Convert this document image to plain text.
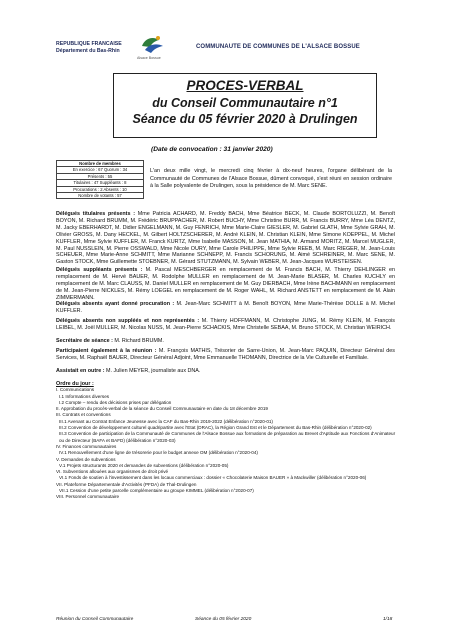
REPUBLIQUE FRANCAISE
Département du Bas-Rhin
Alsace Bossue
COMMUNAUTE DE COMMUNES DE L'ALSACE BOSSUE
PROCES-VERBAL
du Conseil Communautaire n°1
Séance du 05 février 2020 à Drulingen
(Date de convocation : 31 janvier 2020)
Nombre de membres
En exercice : 67 Quorum : 34
Présents : 55
Titulaires : 47 Suppléants : 8
Procurations : 2 Absents : 10
Nombre de votants : 57
L'an deux mille vingt, le mercredi cinq février à dix-neuf heures, l'organe délibérant de la Communauté de Communes de l'Alsace Bossue, dûment convoqué, s'est réuni en session ordinaire à la Salle polyvalente de Drulingen, sous la présidence de M. Marc SENE.
Délégués titulaires présents : Mme Patricia ACHARD, M. Freddy BACH, Mme Béatrice BECK, M. Claude BORTOLUZZI, M. Benoît BOYON, M. Richard BRUMM, M. Frédéric BRUPPACHER, M. Robert BUCHY, Mme Christine BURR, M. Francis BURRY, Mme Léa DENTZ, M. Jacky EBERHARDT, M. Didier ENGELMANN, M. Guy FENRICH, Mme Marie-Claire GIESLER, M. Gabriel GLATH, Mme Sylvie GRAH, M. Olivier GROSS, M. Dany HECKEL, M. Gilbert HOLTZSCHERER, M. André KLEIN, M. Christian KLEIN, Mme Simone KOEPPEL, M. Michel KUFFLER, Mme Sylvie KUFFLER, M. Franck KURTZ, Mme Isabelle MASSON, M. Jean MATHIA, M. Armand MORITZ, M. Marcel MUGLER, M. Paul NUSSLEIN, M. Pierre OSSWALD, Mme Nicole OURY, Mme Carole PHILIPPE, Mme Sylvie REEB, M. Marc RIEGER, M. Jean-Louis SCHEUER, Mme Marie-Anne SCHMITT, Mme Marianne SCHNEPP, M. Francis SCHORUNG, M. Aimé SCHREINER, M. Marc SENE, M. Gaston STOCK, Mme Guillemette STOEBNER, M. Gérard STUTZMANN, M. Sylvain WEBER, M. Jean-Jacques WURSTEISEN.
Délégués suppléants présents : M. Pascal MESCHBERGER en remplacement de M. Francis BACH, M. Thierry DEHLINGER en remplacement de M. Hervé BAUER, M. Rodolphe MULLER en remplacement de M. Jean-Marie BLASER, M. Charles KUCHLY en remplacement de M. Marc CLAUSS, M. Daniel MULLER en remplacement de M. Guy DIERBACH, Mme Irène BACHMANN en remplacement de M. Jean-Pierre NICKLES, M. Rémy LOEGEL en remplacement de M. Roger WAHL, M. Richard ANSTETT en remplacement de M. Alain ZIMMERMANN.
Délégués absents ayant donné procuration : M. Jean-Marc SCHMITT à M. Benoît BOYON, Mme Marie-Thérèse DOLLE à M. Michel KUFFLER.
Délégués absents non suppléés et non représentés : M. Thierry HOFFMANN, M. Christophe JUNG, M. Rémy KLEIN, M. François LEIBEL, M. Joël MULLER, M. Nicolas NUSS, M. Jean-Pierre SCHACKIS, Mme Christelle SEBAA, M. Bruno STOCK, M. Christian WEIRICH.
Secrétaire de séance : M. Richard BRUMM.
Participaient également à la réunion : M. François MATHIS, Trésorier de Sarre-Union, M. Jean-Marc PAQUIN, Directeur Général des Services, M. Raphaël BAUER, Directeur Général Adjoint, Mme Emmanuelle THOMANN, Directrice de la Vie Culturelle et Familiale.
Assistait en outre : M. Julien MEYER, journaliste aux DNA.
Ordre du jour :
I. Communications
I.1 Informations diverses
I.2 Compte – rendu des décisions prises par délégation
II. Approbation du procès-verbal de la séance du Conseil Communautaire en date du 18 décembre 2019
III. Contrats et conventions
III.1 Avenant au Contrat Enfance Jeunesse avec la CAF du Bas-Rhin 2019-2022 (délibération n°2020-01)
III.2 Convention de développement culturel quadripartite avec l'Etat (DRAC), la Région Grand Est et le Département du Bas-Rhin (délibération n°2020-02)
III.3 Convention de participation de la Communauté de Communes de l'Alsace Bossue aux formations de préparation au Brevet d'Aptitude aux Fonctions d'Animateur ou de Directeur (BAFA et BAFD) (délibération n°2020-03)
IV. Finances communautaires
IV.1 Renouvellement d'une ligne de trésorerie pour le budget annexe OM (délibération n°2020-04)
V. Demandes de subventions
V.1 Projets structurants 2020 et demandes de subventions (délibération n°2020-05)
VI. Subventions allouées aux organismes de droit privé
VI.1 Fonds de soutien à l'investissement dans les locaux commerciaux : dossier « Chocolaterie Maison BAUER » à Mackwiller (délibération n°2020-06)
VII. Plateforme Départementale d'Activités (PFDA) de Thal-Drulingen
VII.1 Cession d'une petite parcelle complémentaire au groupe KIMMEL (délibération n°2020-07)
VIII. Personnel communautaire
Réunion du Conseil Communautaire	Séance du 05 février 2020	1/18
